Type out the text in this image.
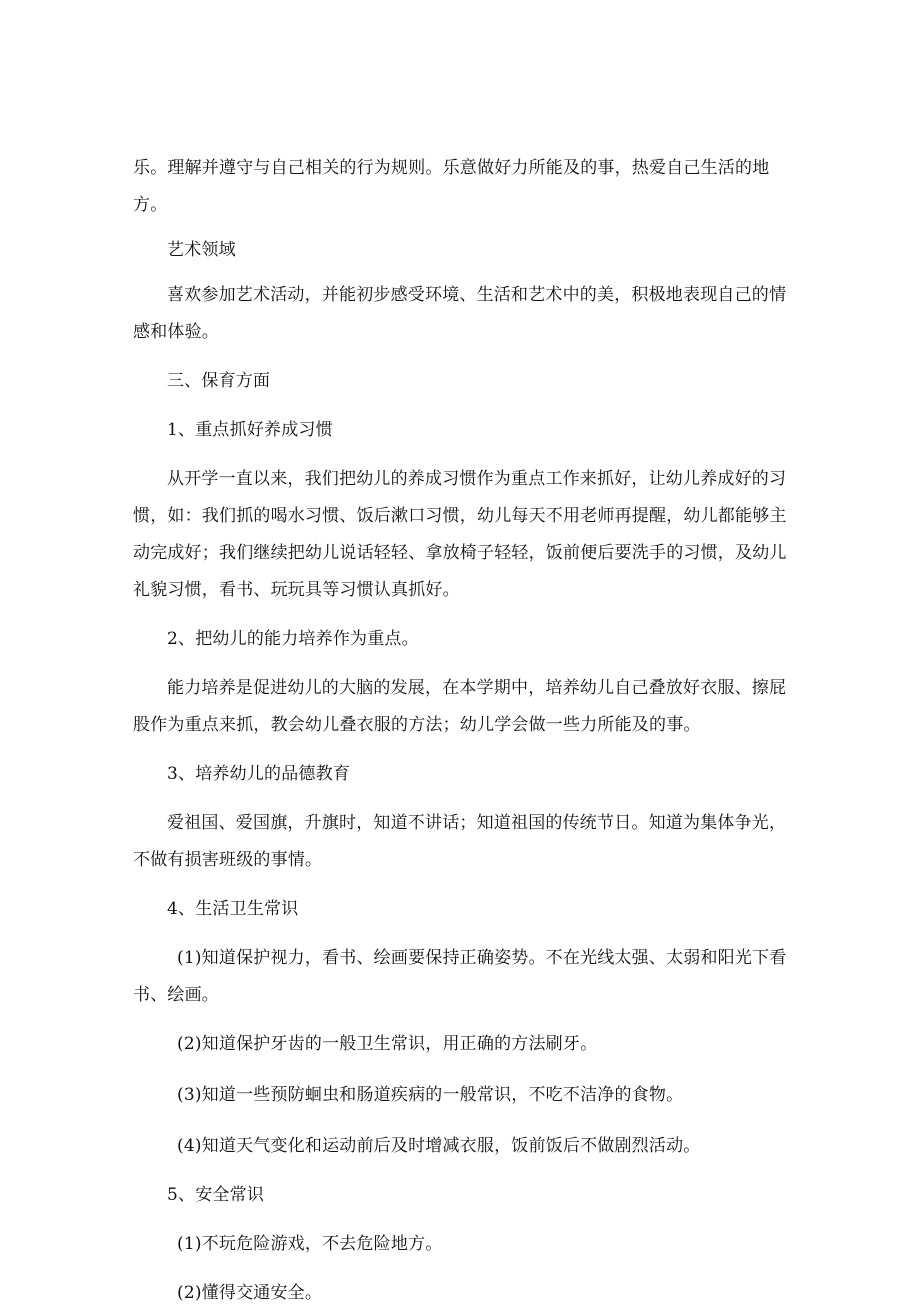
乐。理解并遵守与自己相关的行为规则。乐意做好力所能及的事，热爱自己生活的地方。

艺术领域

喜欢参加艺术活动，并能初步感受环境、生活和艺术中的美，积极地表现自己的情感和体验。

三、保育方面

1、重点抓好养成习惯

从开学一直以来，我们把幼儿的养成习惯作为重点工作来抓好，让幼儿养成好的习惯，如：我们抓的喝水习惯、饭后漱口习惯，幼儿每天不用老师再提醒，幼儿都能够主动完成好；我们继续把幼儿说话轻轻、拿放椅子轻轻，饭前便后要洗手的习惯，及幼儿礼貌习惯，看书、玩玩具等习惯认真抓好。

2、把幼儿的能力培养作为重点。

能力培养是促进幼儿的大脑的发展，在本学期中，培养幼儿自己叠放好衣服、擦屁股作为重点来抓，教会幼儿叠衣服的方法；幼儿学会做一些力所能及的事。

3、培养幼儿的品德教育

爱祖国、爱国旗，升旗时，知道不讲话；知道祖国的传统节日。知道为集体争光，不做有损害班级的事情。

4、生活卫生常识

(1)知道保护视力，看书、绘画要保持正确姿势。不在光线太强、太弱和阳光下看书、绘画。

(2)知道保护牙齿的一般卫生常识，用正确的方法刷牙。

(3)知道一些预防蛔虫和肠道疾病的一般常识，不吃不洁净的食物。

(4)知道天气变化和运动前后及时增减衣服，饭前饭后不做剧烈活动。

5、安全常识

(1)不玩危险游戏，不去危险地方。

(2)懂得交通安全。
